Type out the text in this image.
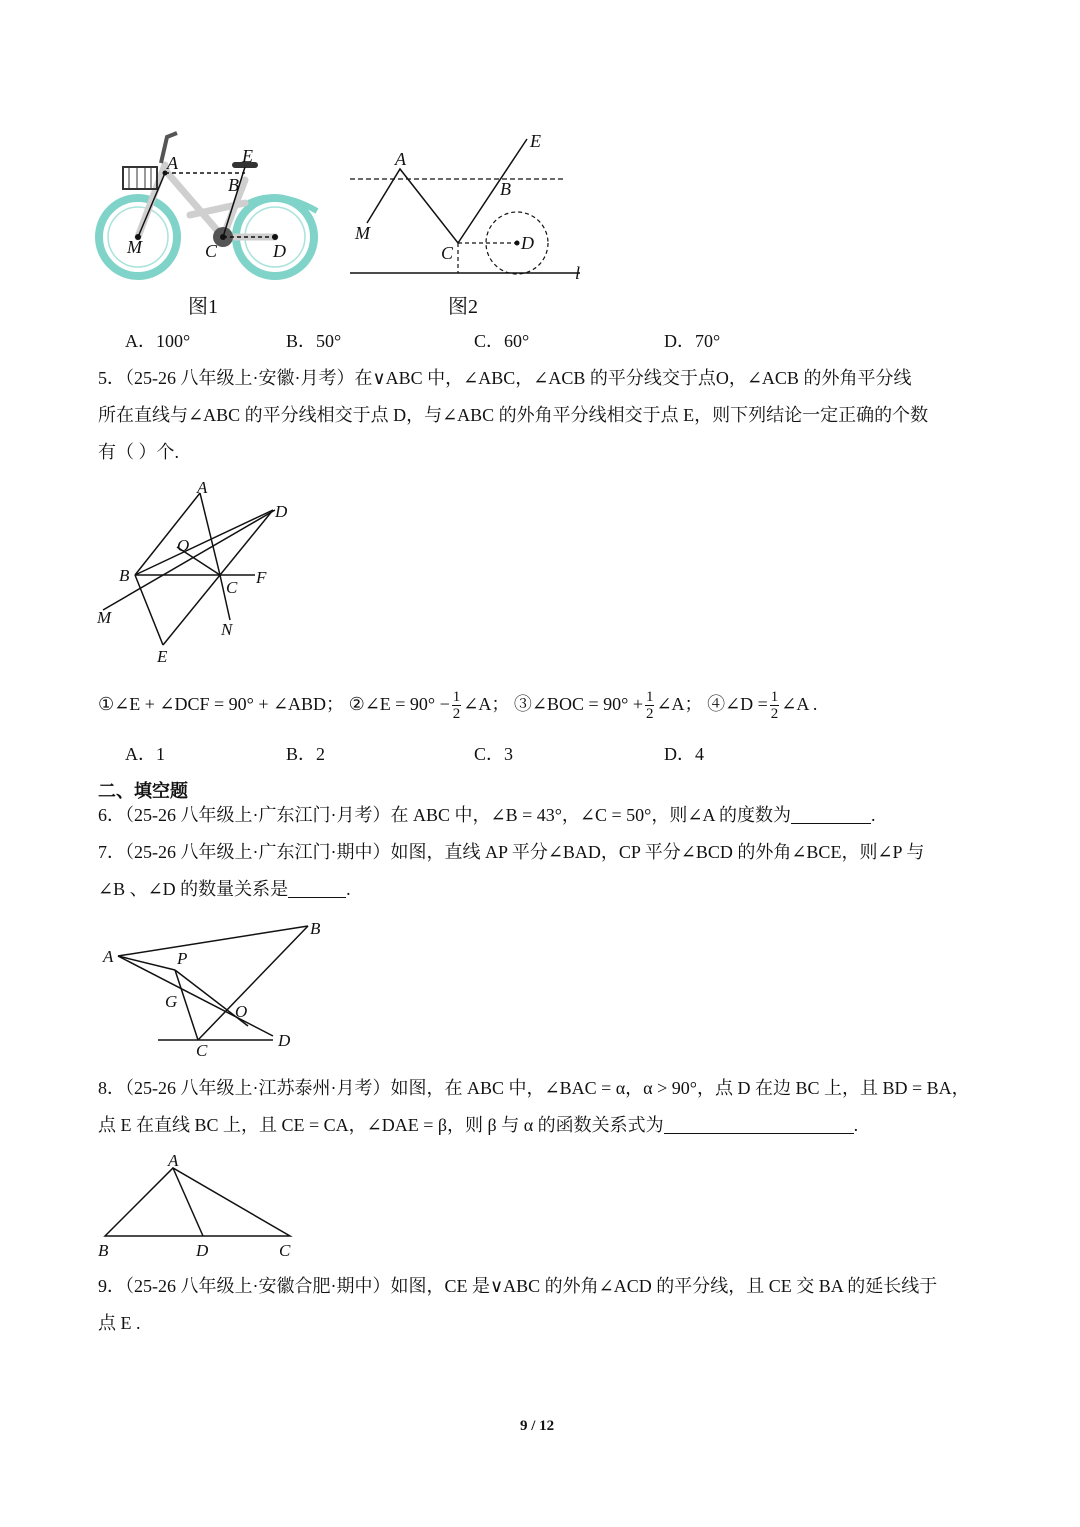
A	E
B
M	C	D
图1
A
E
B
M
C	D
l
图2
A．100°	B．50°	C．60°	D．70°
5．（25-26 八年级上·安徽·月考）在∨ABC 中，∠ABC，∠ACB 的平分线交于点O，∠ACB 的外角平分线
所在直线与∠ABC 的平分线相交于点 D，与∠ABC 的外角平分线相交于点 E，则下列结论一定正确的个数
有（ ）个.
A
D
O
B
C
F
M
N
E
①∠E + ∠DCF = 90° + ∠ABD； ②∠E = $90^\circ - \frac{1}{2}$ ∠A； ③∠BOC = $90^\circ + \frac{1}{2}$ ∠A； ④∠D = $\frac{1}{2}$ ∠A .
A．1	B．2	C．3	D．4
二、填空题
6．（25-26 八年级上·广东江门·月考）在 ABC 中，∠B = 43°，∠C = 50°，则∠A 的度数为	.
7．（25-26 八年级上·广东江门·期中）如图，直线 AP 平分∠BAD，CP 平分∠BCD 的外角∠BCE，则∠P 与
∠B 、∠D 的数量关系是	.
A
B
P
G
O
C
D
8．（25-26 八年级上·江苏泰州·月考）如图，在 ABC 中，∠BAC = α，α > 90°，点 D 在边 BC 上，且 BD = BA，
点 E 在直线 BC 上，且 CE = CA，∠DAE = β，则 β 与 α 的函数关系式为	.
A
B	D	C
9．（25-26 八年级上·安徽合肥·期中）如图，CE 是∨ABC 的外角∠ACD 的平分线，且 CE 交 BA 的延长线于
点 E .
9 / 12
